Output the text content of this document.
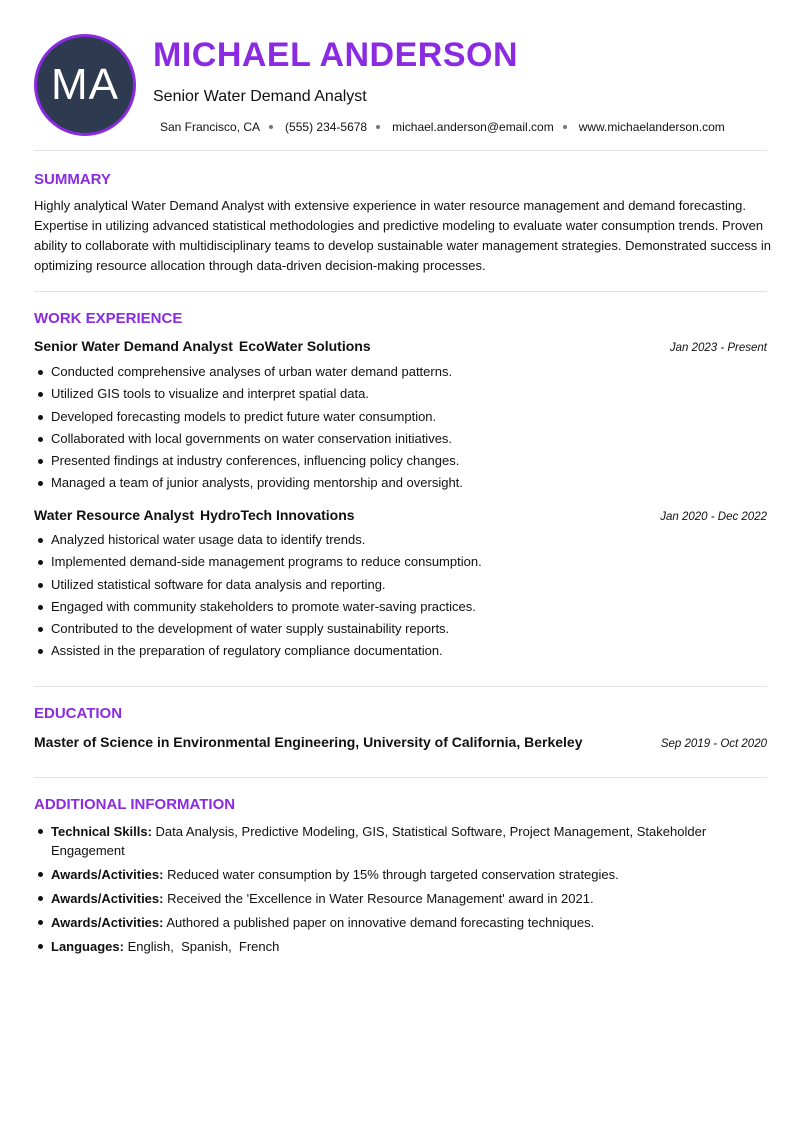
MA
MICHAEL ANDERSON
Senior Water Demand Analyst
San Francisco, CA (555) 234-5678 michael.anderson@email.com www.michaelanderson.com
SUMMARY
Highly analytical Water Demand Analyst with extensive experience in water resource management and demand forecasting. Expertise in utilizing advanced statistical methodologies and predictive modeling to evaluate water consumption trends. Proven ability to collaborate with multidisciplinary teams to develop sustainable water management strategies. Demonstrated success in optimizing resource allocation through data-driven decision-making processes.
WORK EXPERIENCE
Senior Water Demand Analyst EcoWater Solutions	Jan 2023 - Present
Conducted comprehensive analyses of urban water demand patterns.
Utilized GIS tools to visualize and interpret spatial data.
Developed forecasting models to predict future water consumption.
Collaborated with local governments on water conservation initiatives.
Presented findings at industry conferences, influencing policy changes.
Managed a team of junior analysts, providing mentorship and oversight.
Water Resource Analyst HydroTech Innovations	Jan 2020 - Dec 2022
Analyzed historical water usage data to identify trends.
Implemented demand-side management programs to reduce consumption.
Utilized statistical software for data analysis and reporting.
Engaged with community stakeholders to promote water-saving practices.
Contributed to the development of water supply sustainability reports.
Assisted in the preparation of regulatory compliance documentation.
EDUCATION
Master of Science in Environmental Engineering, University of California, Berkeley	Sep 2019 - Oct 2020
ADDITIONAL INFORMATION
Technical Skills: Data Analysis, Predictive Modeling, GIS, Statistical Software, Project Management, Stakeholder Engagement
Awards/Activities: Reduced water consumption by 15% through targeted conservation strategies.
Awards/Activities: Received the 'Excellence in Water Resource Management' award in 2021.
Awards/Activities: Authored a published paper on innovative demand forecasting techniques.
Languages: English,  Spanish,  French
